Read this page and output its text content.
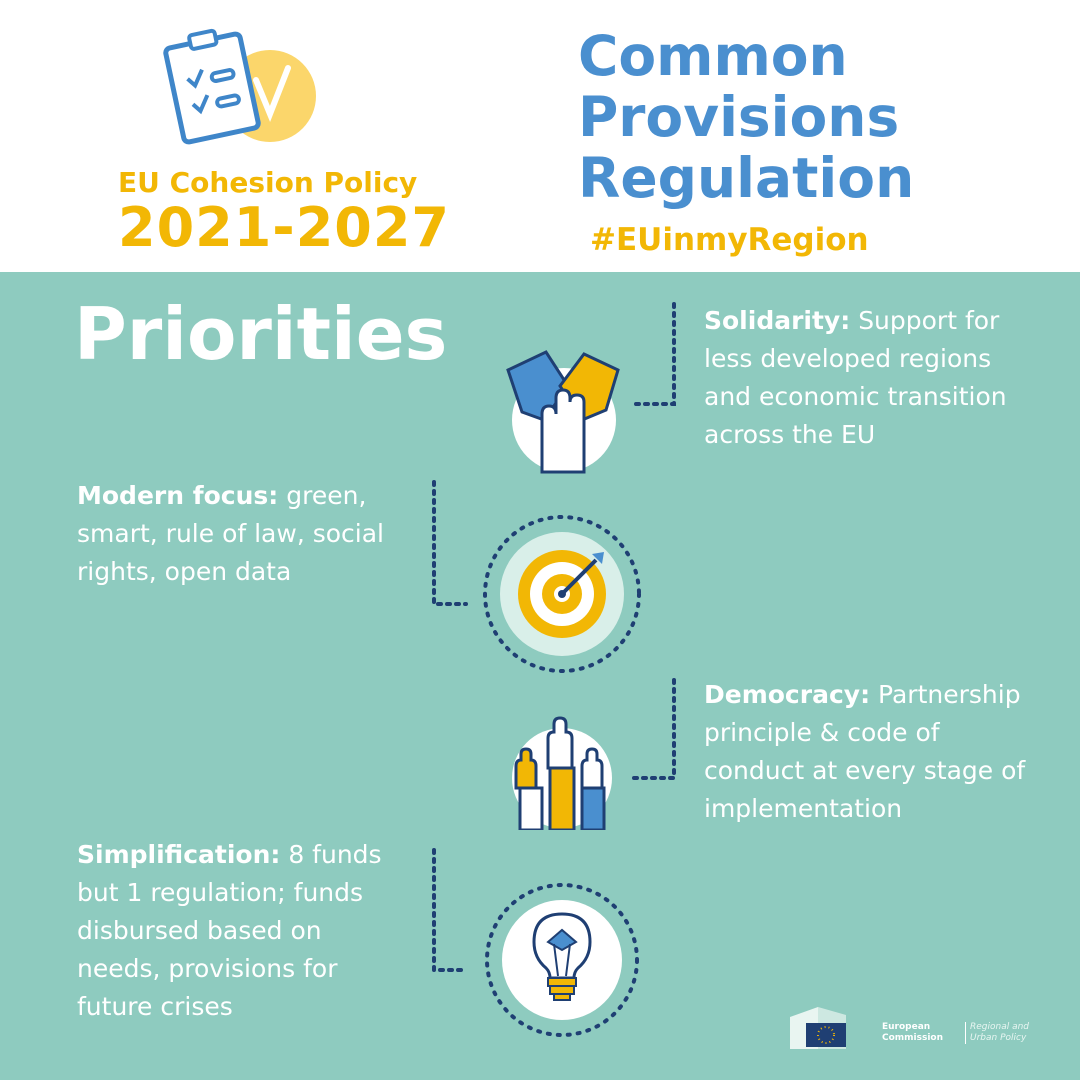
EU Cohesion Policy
2021-2027
Common
Provisions
Regulation
#EUinmyRegion
Priorities	Solidarity: Support for less developed regions and economic transition across the EU
Modern focus: green, smart, rule of law, social rights, open data
Democracy: Partnership principle & code of conduct at every stage of implementation
Simplification: 8 funds but 1 regulation; funds disbursed based on needs, provisions for future crises
European
Commission
Regional and
Urban Policy
